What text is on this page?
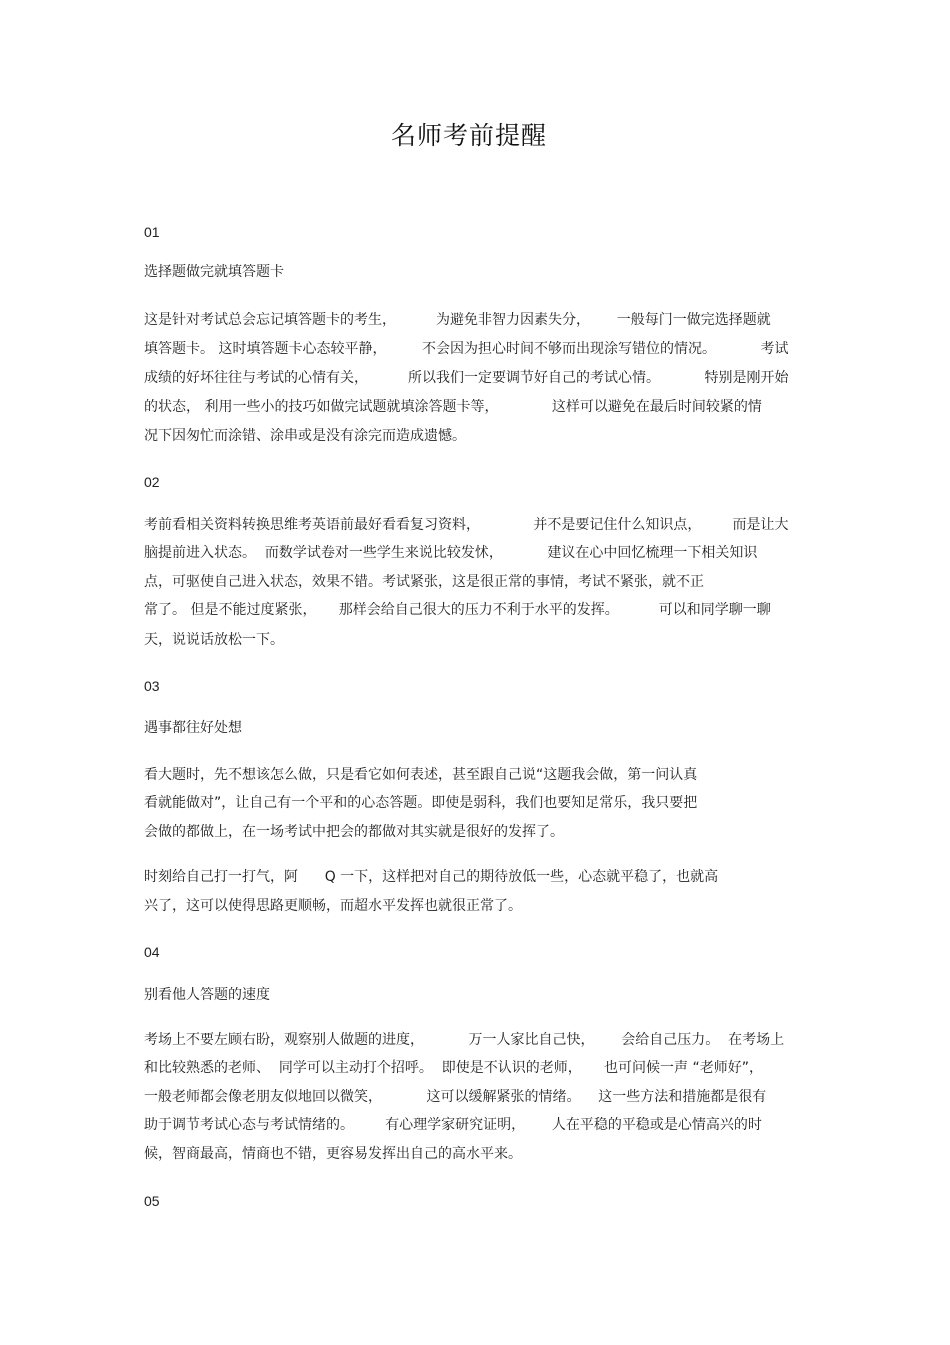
名师考前提醒
01
选择题做完就填答题卡
这是针对考试总会忘记填答题卡的考生，         为避免非智力因素失分，      一般每门一做完选择题就
填答题卡。 这时填答题卡心态较平静，        不会因为担心时间不够而出现涂写错位的情况。          考试
成绩的好坏往往与考试的心情有关，         所以我们一定要调节好自己的考试心情。          特别是刚开始
的状态， 利用一些小的技巧如做完试题就填涂答题卡等，            这样可以避免在最后时间较紧的情
况下因匆忙而涂错、涂串或是没有涂完而造成遗憾。
02
考前看相关资料转换思维考英语前最好看看复习资料，            并不是要记住什么知识点，       而是让大
脑提前进入状态。  而数学试卷对一些学生来说比较发怵，          建议在心中回忆梳理一下相关知识
点，可驱使自己进入状态，效果不错。考试紧张，这是很正常的事情，考试不紧张，就不正
常了。 但是不能过度紧张，     那样会给自己很大的压力不利于水平的发挥。         可以和同学聊一聊
天，说说话放松一下。
03
遇事都往好处想
看大题时，先不想该怎么做，只是看它如何表述，甚至跟自己说“这题我会做，第一问认真
看就能做对”，让自己有一个平和的心态答题。即使是弱科，我们也要知足常乐，我只要把
会做的都做上，在一场考试中把会的都做对其实就是很好的发挥了。
时刻给自己打一打气，阿      Q 一下，这样把对自己的期待放低一些，心态就平稳了，也就高
兴了，这可以使得思路更顺畅，而超水平发挥也就很正常了。
04
别看他人答题的速度
考场上不要左顾右盼，观察别人做题的进度，          万一人家比自己快，      会给自己压力。  在考场上
和比较熟悉的老师、  同学可以主动打个招呼。  即使是不认识的老师，     也可问候一声 “老师好”，
一般老师都会像老朋友似地回以微笑，          这可以缓解紧张的情绪。    这一些方法和措施都是很有
助于调节考试心态与考试情绪的。       有心理学家研究证明，      人在平稳的平稳或是心情高兴的时
候，智商最高，情商也不错，更容易发挥出自己的高水平来。
05
